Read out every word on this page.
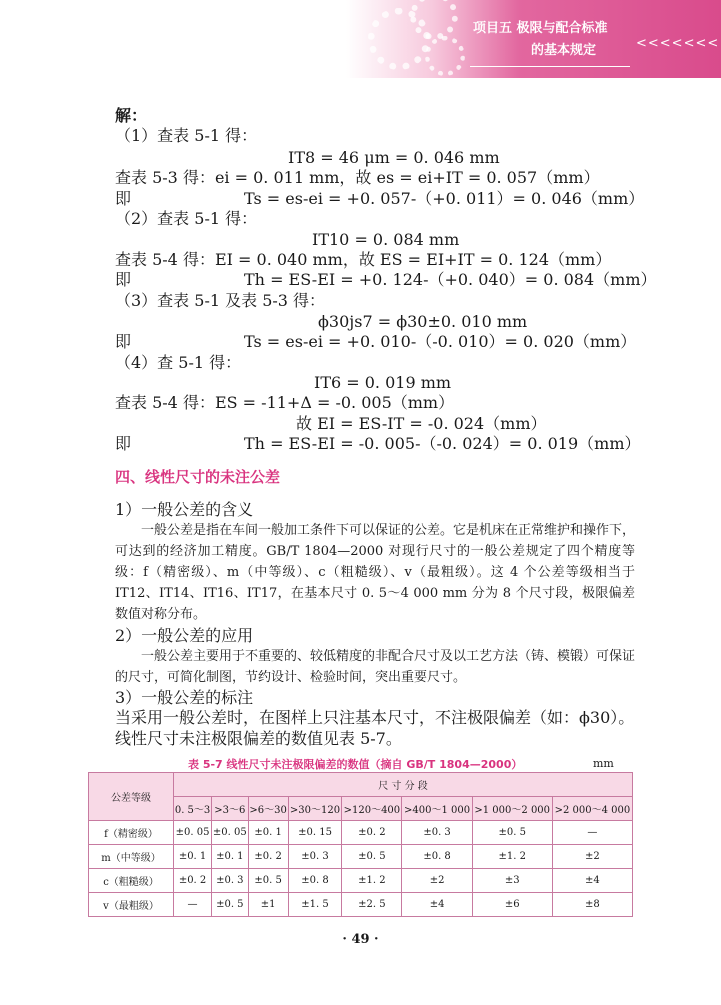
项目五 极限与配合标准
的基本规定	<<<<<<<
解：
（1）查表 5-1 得：
IT8 = 46 μm = 0. 046 mm
查表 5-3 得：ei = 0. 011 mm，故 es = ei+IT = 0. 057（mm）
即	Ts = es-ei = +0. 057-（+0. 011）= 0. 046（mm）
（2）查表 5-1 得：
IT10 = 0. 084 mm
查表 5-4 得：EI = 0. 040 mm，故 ES = EI+IT = 0. 124（mm）
即	Th = ES-EI = +0. 124-（+0. 040）= 0. 084（mm）
（3）查表 5-1 及表 5-3 得：
ϕ30js7 = ϕ30±0. 010 mm
即	Ts = es-ei = +0. 010-（-0. 010）= 0. 020（mm）
（4）查 5-1 得：
IT6 = 0. 019 mm
查表 5-4 得：ES = -11+Δ = -0. 005（mm）
故 EI = ES-IT = -0. 024（mm）
即	Th = ES-EI = -0. 005-（-0. 024）= 0. 019（mm）
四、线性尺寸的未注公差
1）一般公差的含义
一般公差是指在车间一般加工条件下可以保证的公差。它是机床在正常维护和操作下，可达到的经济加工精度。GB/T 1804—2000 对现行尺寸的一般公差规定了四个精度等级：f（精密级）、m（中等级）、c（粗糙级）、v（最粗级）。这 4 个公差等级相当于IT12、IT14、IT16、IT17，在基本尺寸 0. 5～4 000 mm 分为 8 个尺寸段，极限偏差数值对称分布。
2）一般公差的应用
一般公差主要用于不重要的、较低精度的非配合尺寸及以工艺方法（铸、模锻）可保证的尺寸，可简化制图，节约设计、检验时间，突出重要尺寸。
3）一般公差的标注
当采用一般公差时，在图样上只注基本尺寸，不注极限偏差（如：ϕ30）。
线性尺寸未注极限偏差的数值见表 5-7。
表 5-7 线性尺寸未注极限偏差的数值（摘自 GB/T 1804—2000）	mm
公差等级	尺 寸 分 段							
	0. 5～3	>3～6	>6～30	>30～120	>120～400	>400～1 000	>1 000～2 000	>2 000～4 000
f（精密级）	±0. 05	±0. 05	±0. 1	±0. 15	±0. 2	±0. 3	±0. 5	—
m（中等级）	±0. 1	±0. 1	±0. 2	±0. 3	±0. 5	±0. 8	±1. 2	±2
c（粗糙级）	±0. 2	±0. 3	±0. 5	±0. 8	±1. 2	±2	±3	±4
v（最粗级）	—	±0. 5	±1	±1. 5	±2. 5	±4	±6	±8
· 49 ·
